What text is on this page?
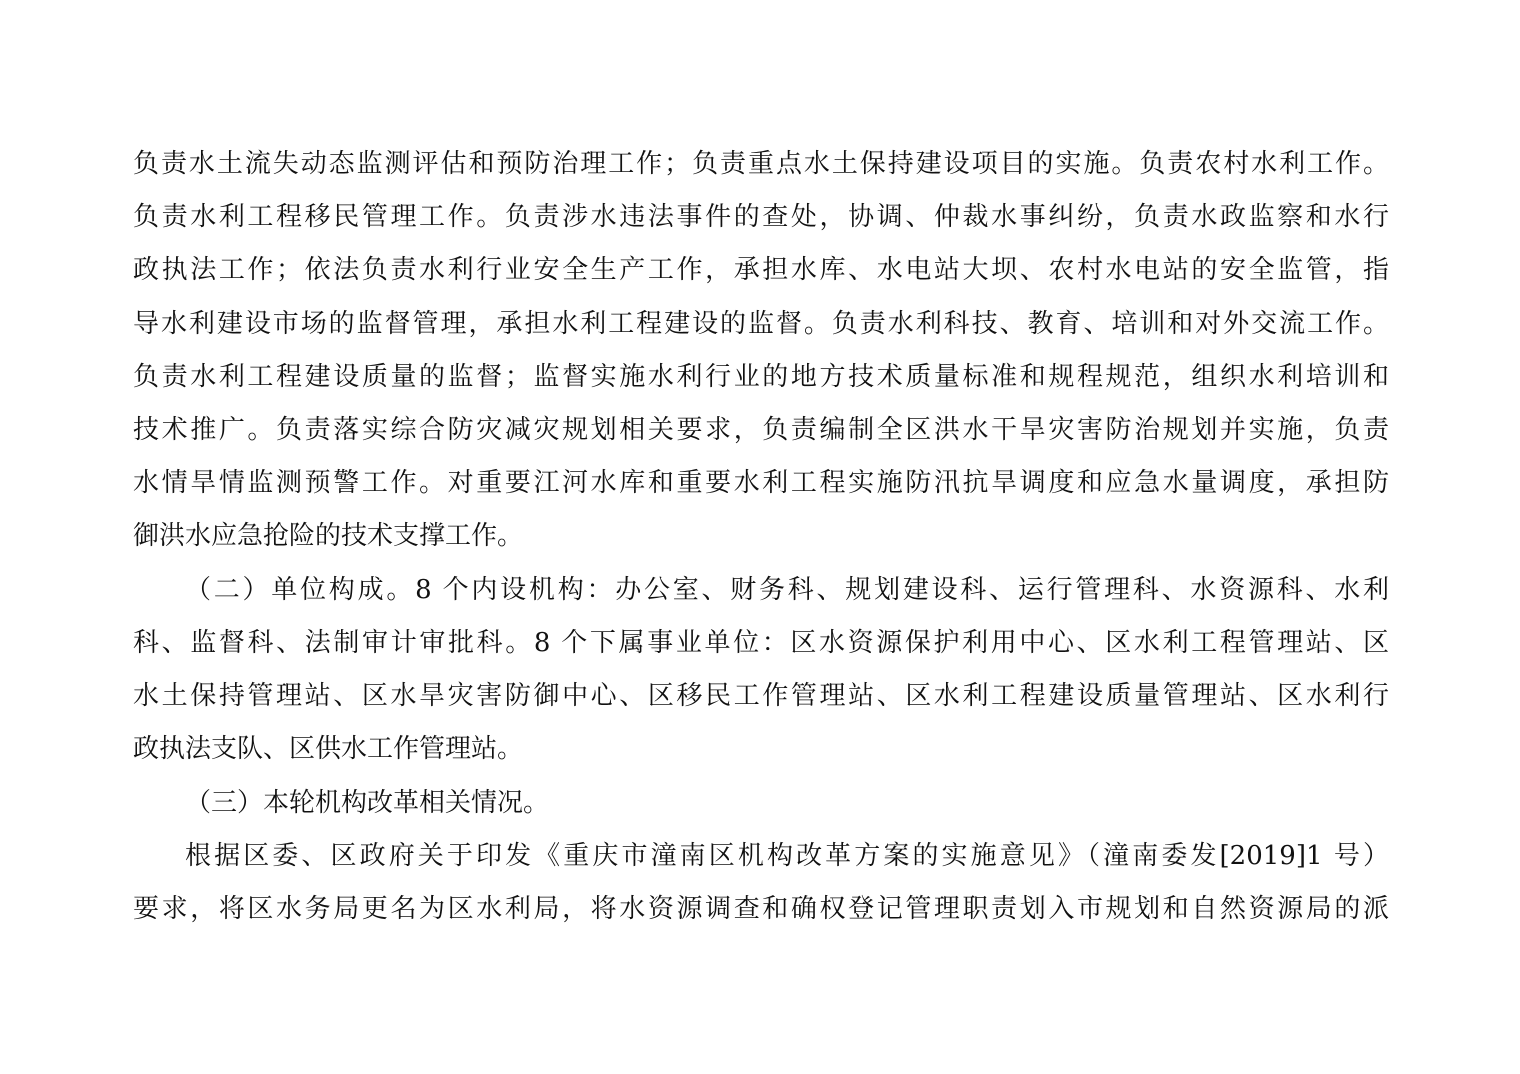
负责水土流失动态监测评估和预防治理工作；负责重点水土保持建设项目的实施。负责农村水利工作。
负责水利工程移民管理工作。负责涉水违法事件的查处，协调、仲裁水事纠纷，负责水政监察和水行
政执法工作；依法负责水利行业安全生产工作，承担水库、水电站大坝、农村水电站的安全监管，指
导水利建设市场的监督管理，承担水利工程建设的监督。负责水利科技、教育、培训和对外交流工作。
负责水利工程建设质量的监督；监督实施水利行业的地方技术质量标准和规程规范，组织水利培训和
技术推广。负责落实综合防灾减灾规划相关要求，负责编制全区洪水干旱灾害防治规划并实施，负责
水情旱情监测预警工作。对重要江河水库和重要水利工程实施防汛抗旱调度和应急水量调度，承担防
御洪水应急抢险的技术支撑工作。
（二）单位构成。8 个内设机构：办公室、财务科、规划建设科、运行管理科、水资源科、水利
科、监督科、法制审计审批科。8 个下属事业单位：区水资源保护利用中心、区水利工程管理站、区
水土保持管理站、区水旱灾害防御中心、区移民工作管理站、区水利工程建设质量管理站、区水利行
政执法支队、区供水工作管理站。
（三）本轮机构改革相关情况。
根据区委、区政府关于印发《重庆市潼南区机构改革方案的实施意见》（潼南委发[2019]1 号）
要求，将区水务局更名为区水利局，将水资源调查和确权登记管理职责划入市规划和自然资源局的派
